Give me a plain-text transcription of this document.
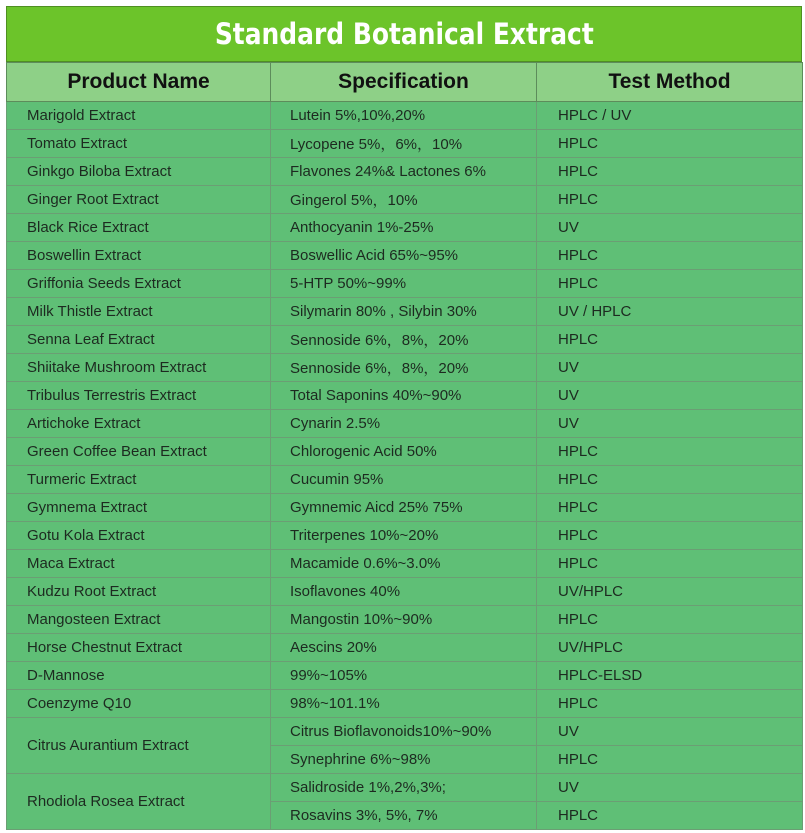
Standard Botanical Extract
Product Name	Specification	Test Method
Marigold Extract	Lutein 5%,10%,20%	HPLC / UV
Tomato Extract	Lycopene 5%，6%，10%	HPLC
Ginkgo Biloba Extract	Flavones 24%& Lactones 6%	HPLC
Ginger Root Extract	Gingerol 5%，10%	HPLC
Black Rice Extract	Anthocyanin 1%-25%	UV
Boswellin Extract	Boswellic Acid 65%~95%	HPLC
Griffonia Seeds Extract	5-HTP 50%~99%	HPLC
Milk Thistle Extract	Silymarin 80% , Silybin 30%	UV / HPLC
Senna Leaf Extract	Sennoside 6%，8%，20%	HPLC
Shiitake Mushroom Extract	Sennoside 6%，8%，20%	UV
Tribulus Terrestris Extract	Total Saponins 40%~90%	UV
Artichoke Extract	Cynarin 2.5%	UV
Green Coffee Bean Extract	Chlorogenic Acid 50%	HPLC
Turmeric Extract	Cucumin 95%	HPLC
Gymnema Extract	Gymnemic Aicd 25% 75%	HPLC
Gotu Kola Extract	Triterpenes 10%~20%	HPLC
Maca Extract	Macamide 0.6%~3.0%	HPLC
Kudzu Root Extract	Isoflavones 40%	UV/HPLC
Mangosteen Extract	Mangostin 10%~90%	HPLC
Horse Chestnut Extract	Aescins 20%	UV/HPLC
D-Mannose	99%~105%	HPLC-ELSD
Coenzyme Q10	98%~101.1%	HPLC
Citrus Aurantium Extract	Citrus Bioflavonoids10%~90%	UV
	Synephrine 6%~98%	HPLC
Rhodiola Rosea Extract	Salidroside 1%,2%,3%;	UV
	Rosavins 3%, 5%, 7%	HPLC
